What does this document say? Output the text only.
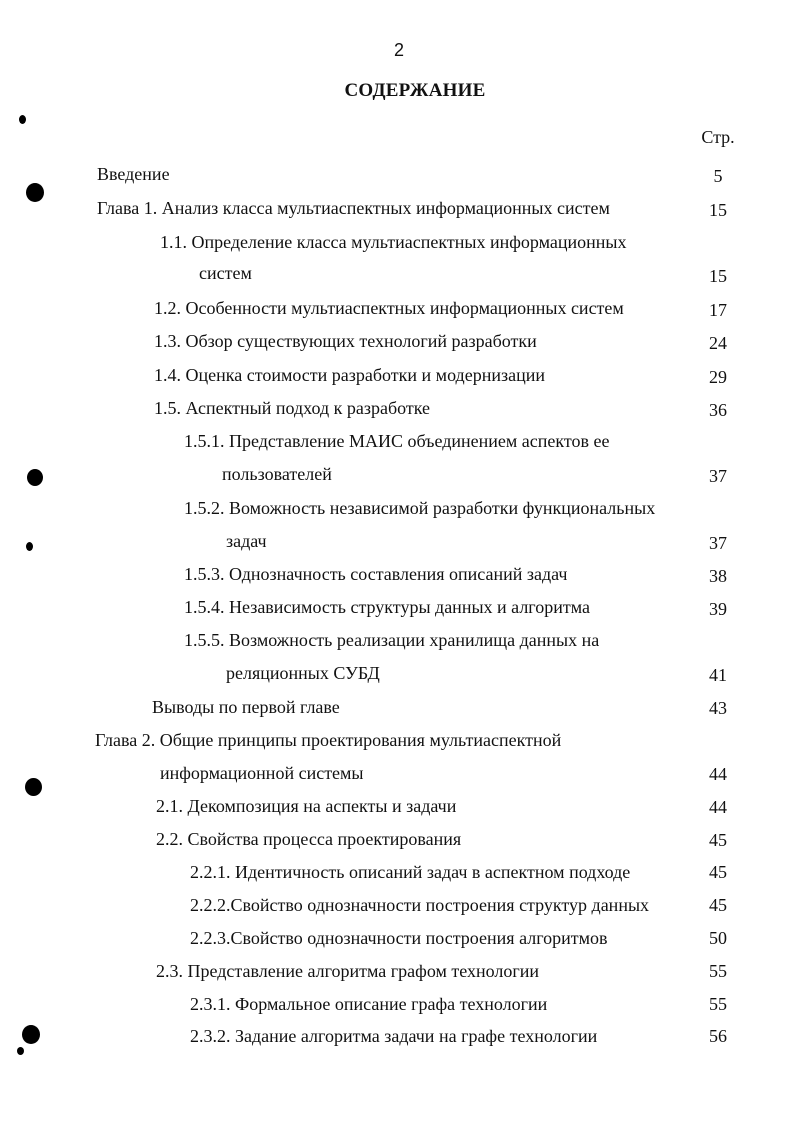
2
СОДЕРЖАНИЕ
Стр.
Введение	5
Глава 1. Анализ класса мультиаспектных информационных систем	15
1.1. Определение класса мультиаспектных информационных
систем	15
1.2. Особенности мультиаспектных информационных систем	17
1.3. Обзор существующих технологий разработки	24
1.4. Оценка стоимости разработки и модернизации	29
1.5. Аспектный подход к разработке	36
1.5.1. Представление МАИС объединением аспектов ее
пользователей	37
1.5.2. Воможность независимой разработки функциональных
задач	37
1.5.3. Однозначность составления описаний задач	38
1.5.4. Независимость структуры данных и алгоритма	39
1.5.5. Возможность реализации хранилища данных на
реляционных СУБД	41
Выводы по первой главе	43
Глава 2. Общие принципы проектирования мультиаспектной
информационной системы	44
2.1. Декомпозиция на аспекты и задачи	44
2.2. Свойства процесса проектирования	45
2.2.1. Идентичность описаний задач в аспектном подходе	45
2.2.2.Свойство однозначности построения структур данных	45
2.2.3.Свойство однозначности построения алгоритмов	50
2.3. Представление алгоритма графом технологии	55
2.3.1. Формальное описание графа технологии	55
2.3.2. Задание алгоритма задачи на графе технологии	56
